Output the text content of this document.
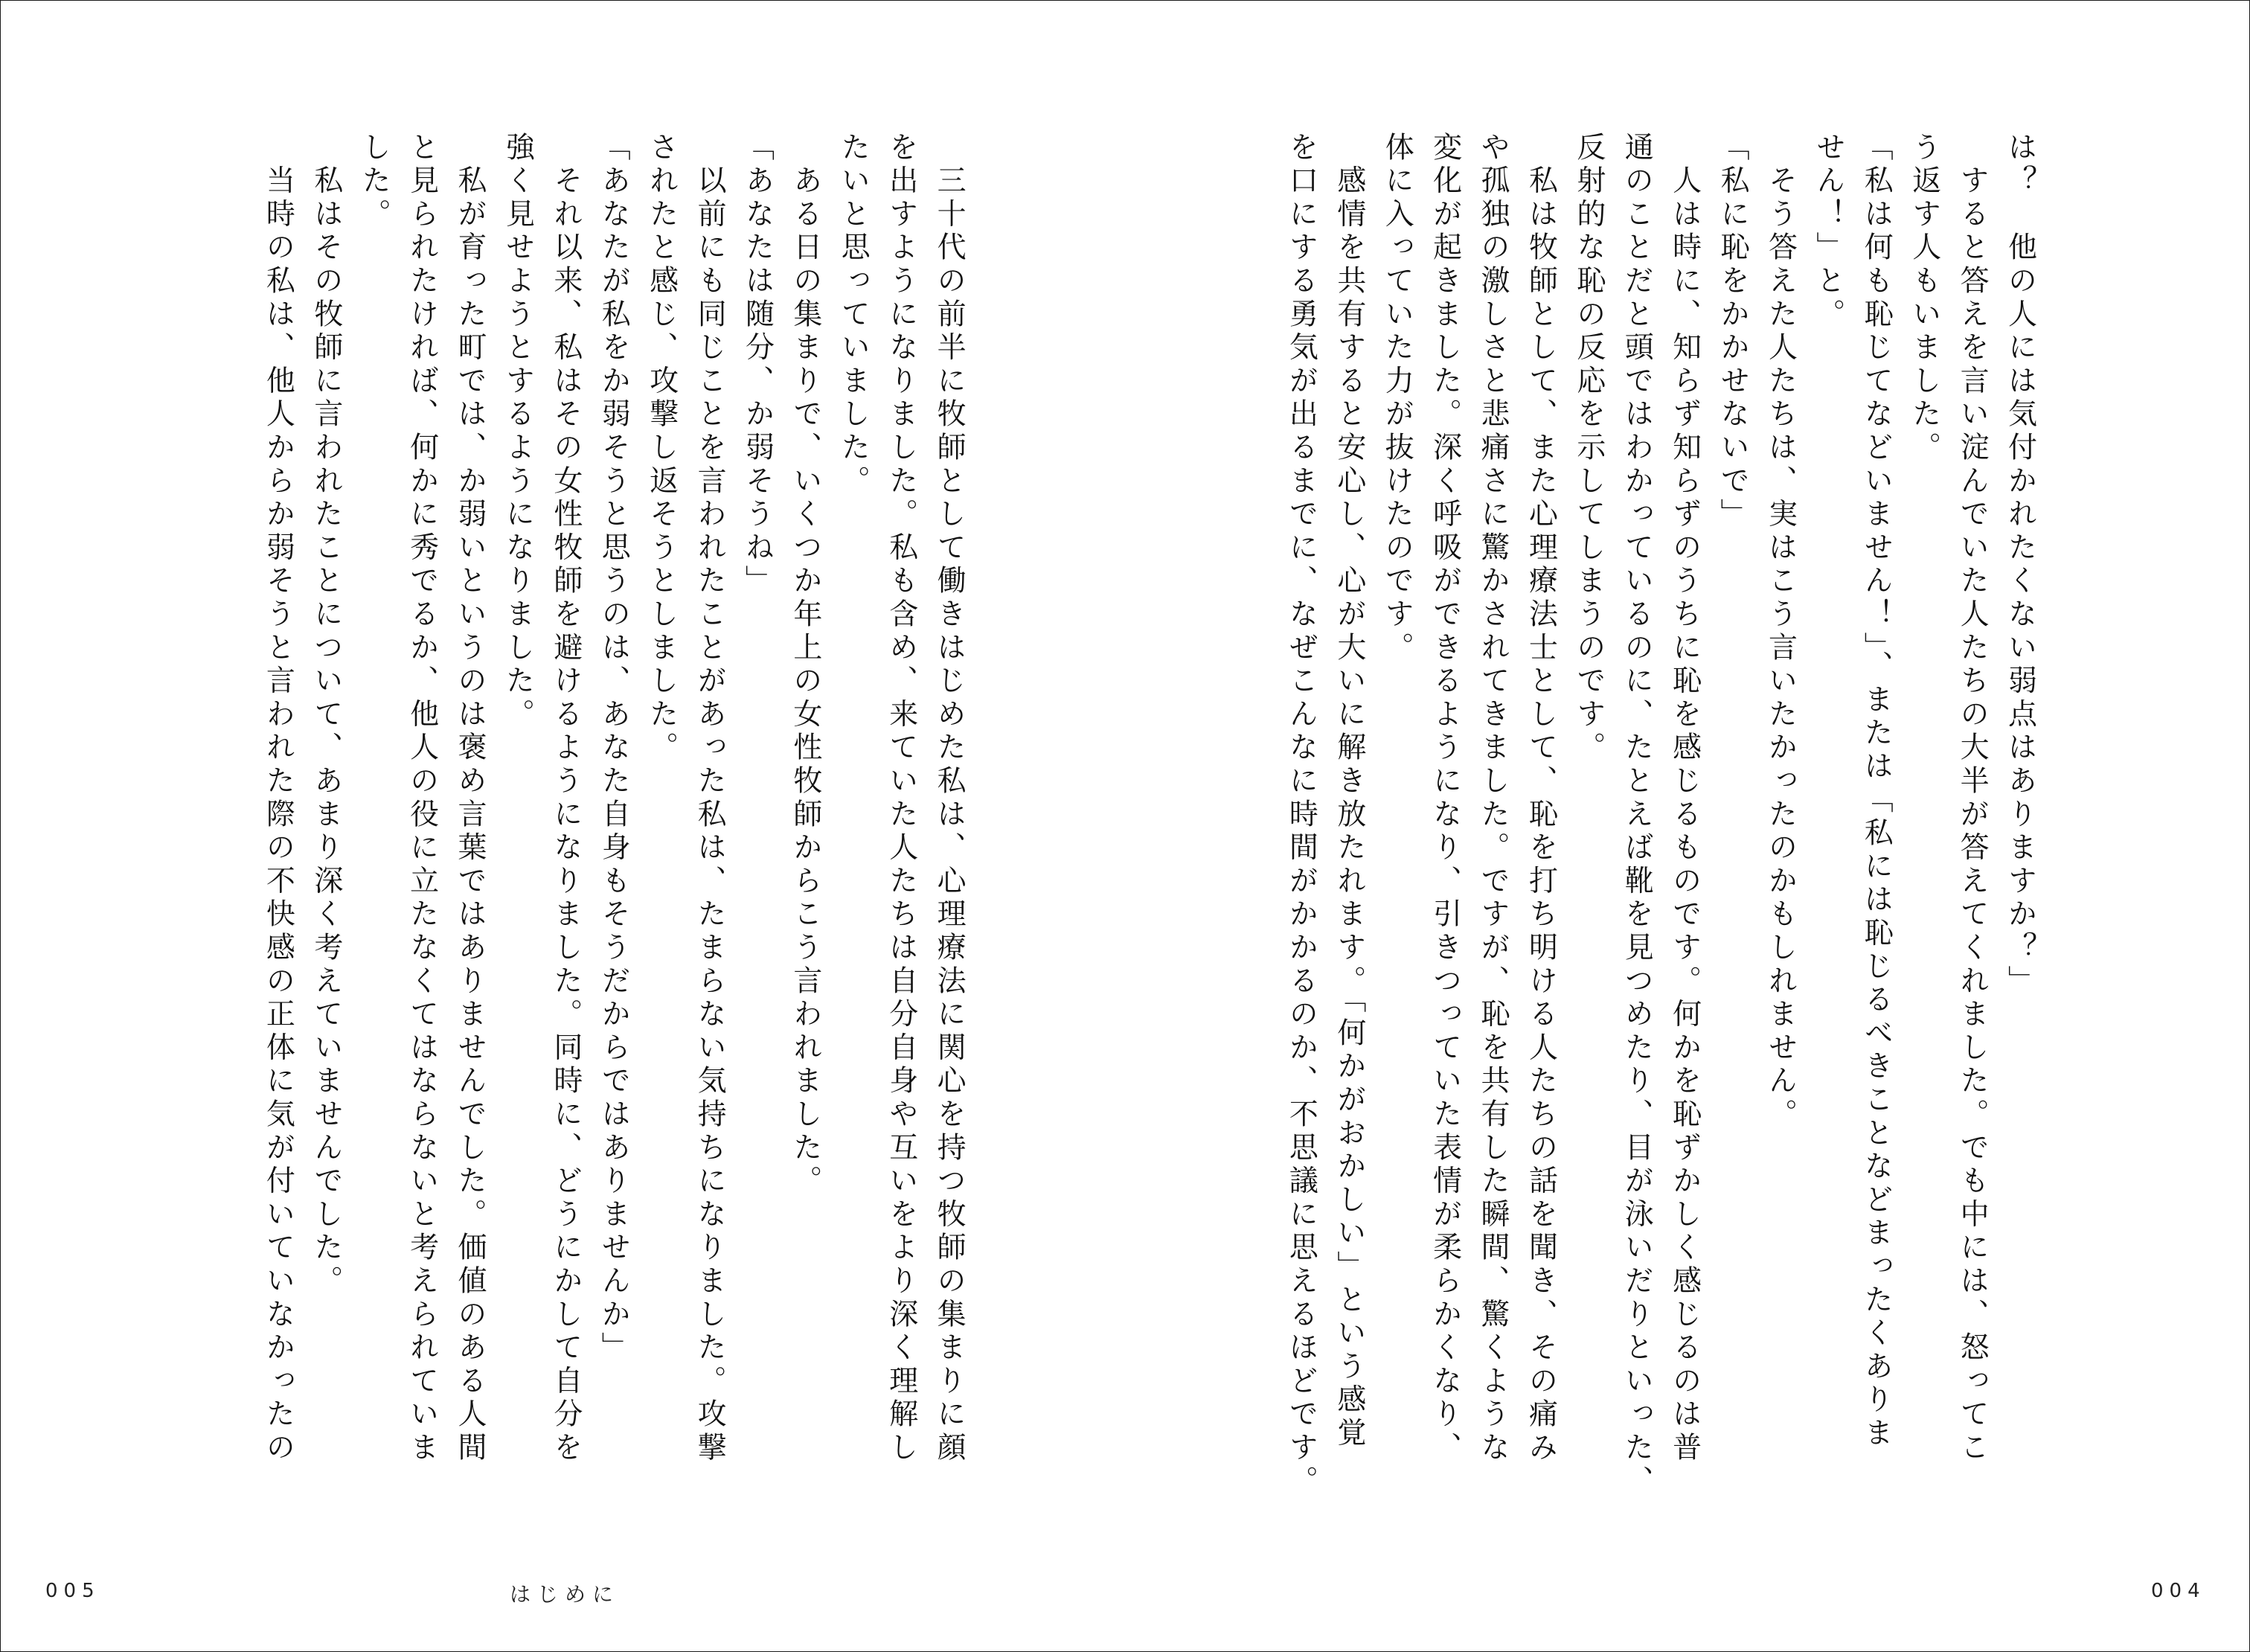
は？　他の人には気付かれたくない弱点はありますか？」
　すると答えを言い淀んでいた人たちの大半が答えてくれました。でも中には、怒ってこ
う返す人もいました。
「私は何も恥じてなどいません！」、または「私には恥じるべきことなどまったくありま
せん！」と。
　そう答えた人たちは、実はこう言いたかったのかもしれません。
「私に恥をかかせないで」
　人は時に、知らず知らずのうちに恥を感じるものです。何かを恥ずかしく感じるのは普
通のことだと頭ではわかっているのに、たとえば靴を見つめたり、目が泳いだりといった、
反射的な恥の反応を示してしまうのです。
　私は牧師として、また心理療法士として、恥を打ち明ける人たちの話を聞き、その痛み
や孤独の激しさと悲痛さに驚かされてきました。ですが、恥を共有した瞬間、驚くような
変化が起きました。深く呼吸ができるようになり、引きつっていた表情が柔らかくなり、
体に入っていた力が抜けたのです。
　感情を共有すると安心し、心が大いに解き放たれます。「何かがおかしい」という感覚
を口にする勇気が出るまでに、なぜこんなに時間がかかるのか、不思議に思えるほどです。
004
　三十代の前半に牧師として働きはじめた私は、心理療法に関心を持つ牧師の集まりに顔
を出すようになりました。私も含め、来ていた人たちは自分自身や互いをより深く理解し
たいと思っていました。
　ある日の集まりで、いくつか年上の女性牧師からこう言われました。
「あなたは随分、か弱そうね」
　以前にも同じことを言われたことがあった私は、たまらない気持ちになりました。攻撃
されたと感じ、攻撃し返そうとしました。
「あなたが私をか弱そうと思うのは、あなた自身もそうだからではありませんか」
　それ以来、私はその女性牧師を避けるようになりました。同時に、どうにかして自分を
強く見せようとするようになりました。
　私が育った町では、か弱いというのは褒め言葉ではありませんでした。価値のある人間
と見られたければ、何かに秀でるか、他人の役に立たなくてはならないと考えられていま
した。
　私はその牧師に言われたことについて、あまり深く考えていませんでした。
　当時の私は、他人からか弱そうと言われた際の不快感の正体に気が付いていなかったの
005	はじめに
